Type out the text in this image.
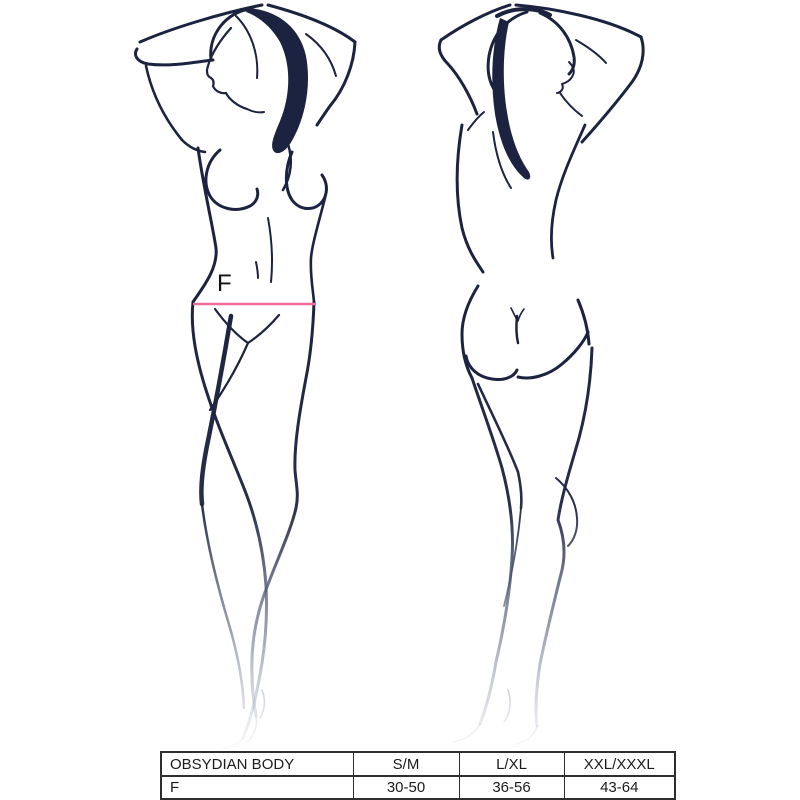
F
OBSYDIAN BODY	S/M	L/XL	XXL/XXXL
F	30-50	36-56	43-64
